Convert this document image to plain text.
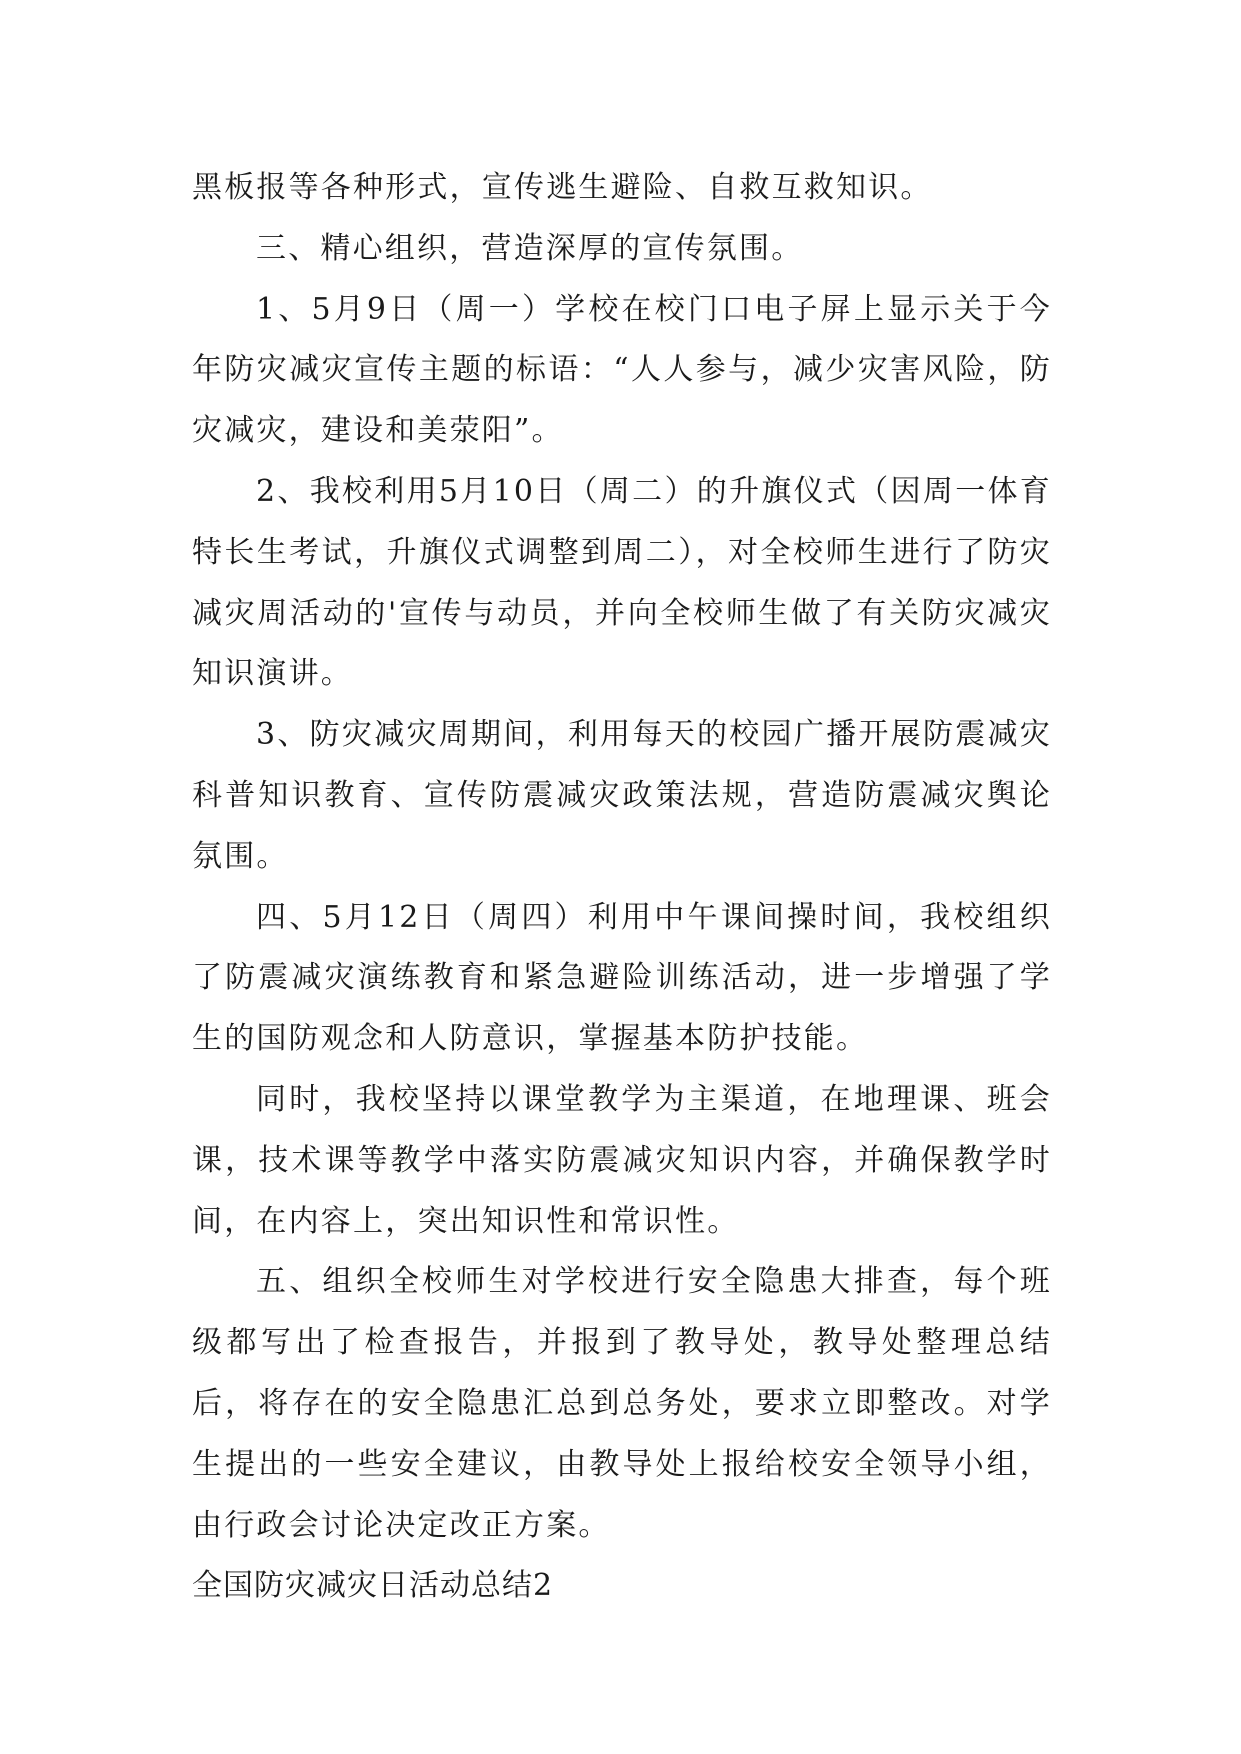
黑板报等各种形式，宣传逃生避险、自救互救知识。

三、精心组织，营造深厚的宣传氛围。

1、5月9日（周一）学校在校门口电子屏上显示关于今年防灾减灾宣传主题的标语：“人人参与，减少灾害风险，防灾减灾，建设和美荥阳”。

2、我校利用5月10日（周二）的升旗仪式（因周一体育特长生考试，升旗仪式调整到周二），对全校师生进行了防灾减灾周活动的'宣传与动员，并向全校师生做了有关防灾减灾知识演讲。

3、防灾减灾周期间，利用每天的校园广播开展防震减灾科普知识教育、宣传防震减灾政策法规，营造防震减灾舆论氛围。

四、5月12日（周四）利用中午课间操时间，我校组织了防震减灾演练教育和紧急避险训练活动，进一步增强了学生的国防观念和人防意识，掌握基本防护技能。

同时，我校坚持以课堂教学为主渠道，在地理课、班会课，技术课等教学中落实防震减灾知识内容，并确保教学时间，在内容上，突出知识性和常识性。

五、组织全校师生对学校进行安全隐患大排查，每个班级都写出了检查报告，并报到了教导处，教导处整理总结后，将存在的安全隐患汇总到总务处，要求立即整改。对学生提出的一些安全建议，由教导处上报给校安全领导小组，由行政会讨论决定改正方案。

全国防灾减灾日活动总结2
